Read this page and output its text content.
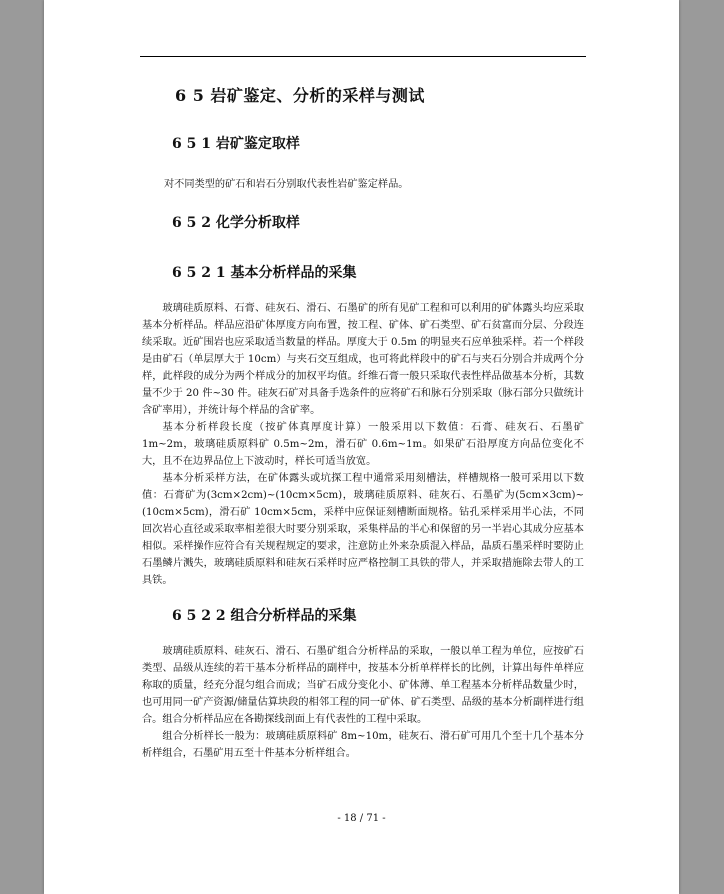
6 5 岩矿鉴定、分析的采样与测试
6 5 1 岩矿鉴定取样
对不同类型的矿石和岩石分别取代表性岩矿鉴定样品。
6 5 2 化学分析取样
6 5 2 1 基本分析样品的采集

玻璃硅质原料、石膏、硅灰石、滑石、石墨矿的所有见矿工程和可以利用的矿体露头均应采取基本分析样品。样品应沿矿体厚度方向布置，按工程、矿体、矿石类型、矿石贫富而分层、分段连续采取。近矿围岩也应采取适当数量的样品。厚度大于 0.5m 的明显夹石应单独采样。若一个样段是由矿石（单层厚大于 10cm）与夹石交互组成，也可将此样段中的矿石与夹石分别合并成两个分样，此样段的成分为两个样成分的加权平均值。纤维石膏一般只采取代表性样品做基本分析，其数量不少于 20 件~30 件。硅灰石矿对具备手选条件的应将矿石和脉石分别采取（脉石部分只做统计含矿率用），并统计每个样品的含矿率。

基本分析样段长度（按矿体真厚度计算）一般采用以下数值：石膏、硅灰石、石墨矿1m~2m，玻璃硅质原料矿 0.5m~2m，滑石矿 0.6m~1m。如果矿石沿厚度方向品位变化不大，且不在边界品位上下波动时，样长可适当放宽。

基本分析采样方法，在矿体露头或坑探工程中通常采用刻槽法，样槽规格一般可采用以下数值：石膏矿为(3cm×2cm)~(10cm×5cm)，玻璃硅质原料、硅灰石、石墨矿为(5cm×3cm)~(10cm×5cm)，滑石矿 10cm×5cm，采样中应保证刻槽断面规格。钻孔采样采用半心法，不同回次岩心直径或采取率相差很大时要分别采取，采集样品的半心和保留的另一半岩心其成分应基本相似。采样操作应符合有关规程规定的要求，注意防止外来杂质混入样品，晶质石墨采样时要防止石墨鳞片溅失，玻璃硅质原料和硅灰石采样时应严格控制工具铁的带人，并采取措施除去带人的工具铁。

6 5 2 2 组合分析样品的采集

玻璃硅质原料、硅灰石、滑石、石墨矿组合分析样品的采取，一般以单工程为单位，应按矿石类型、品级从连续的若干基本分析样品的副样中，按基本分析单样样长的比例，计算出每件单样应称取的质量，经充分混匀组合而成；当矿石成分变化小、矿体薄、单工程基本分析样品数量少时，也可用同一矿产资源/储量估算块段的相邻工程的同一矿体、矿石类型、品级的基本分析副样进行组合。组合分析样品应在各勘探线剖面上有代表性的工程中采取。

组合分析样长一般为：玻璃硅质原料矿 8m~10m，硅灰石、滑石矿可用几个至十几个基本分析样组合，石墨矿用五至十件基本分析样组合。

- 18 / 71 -
